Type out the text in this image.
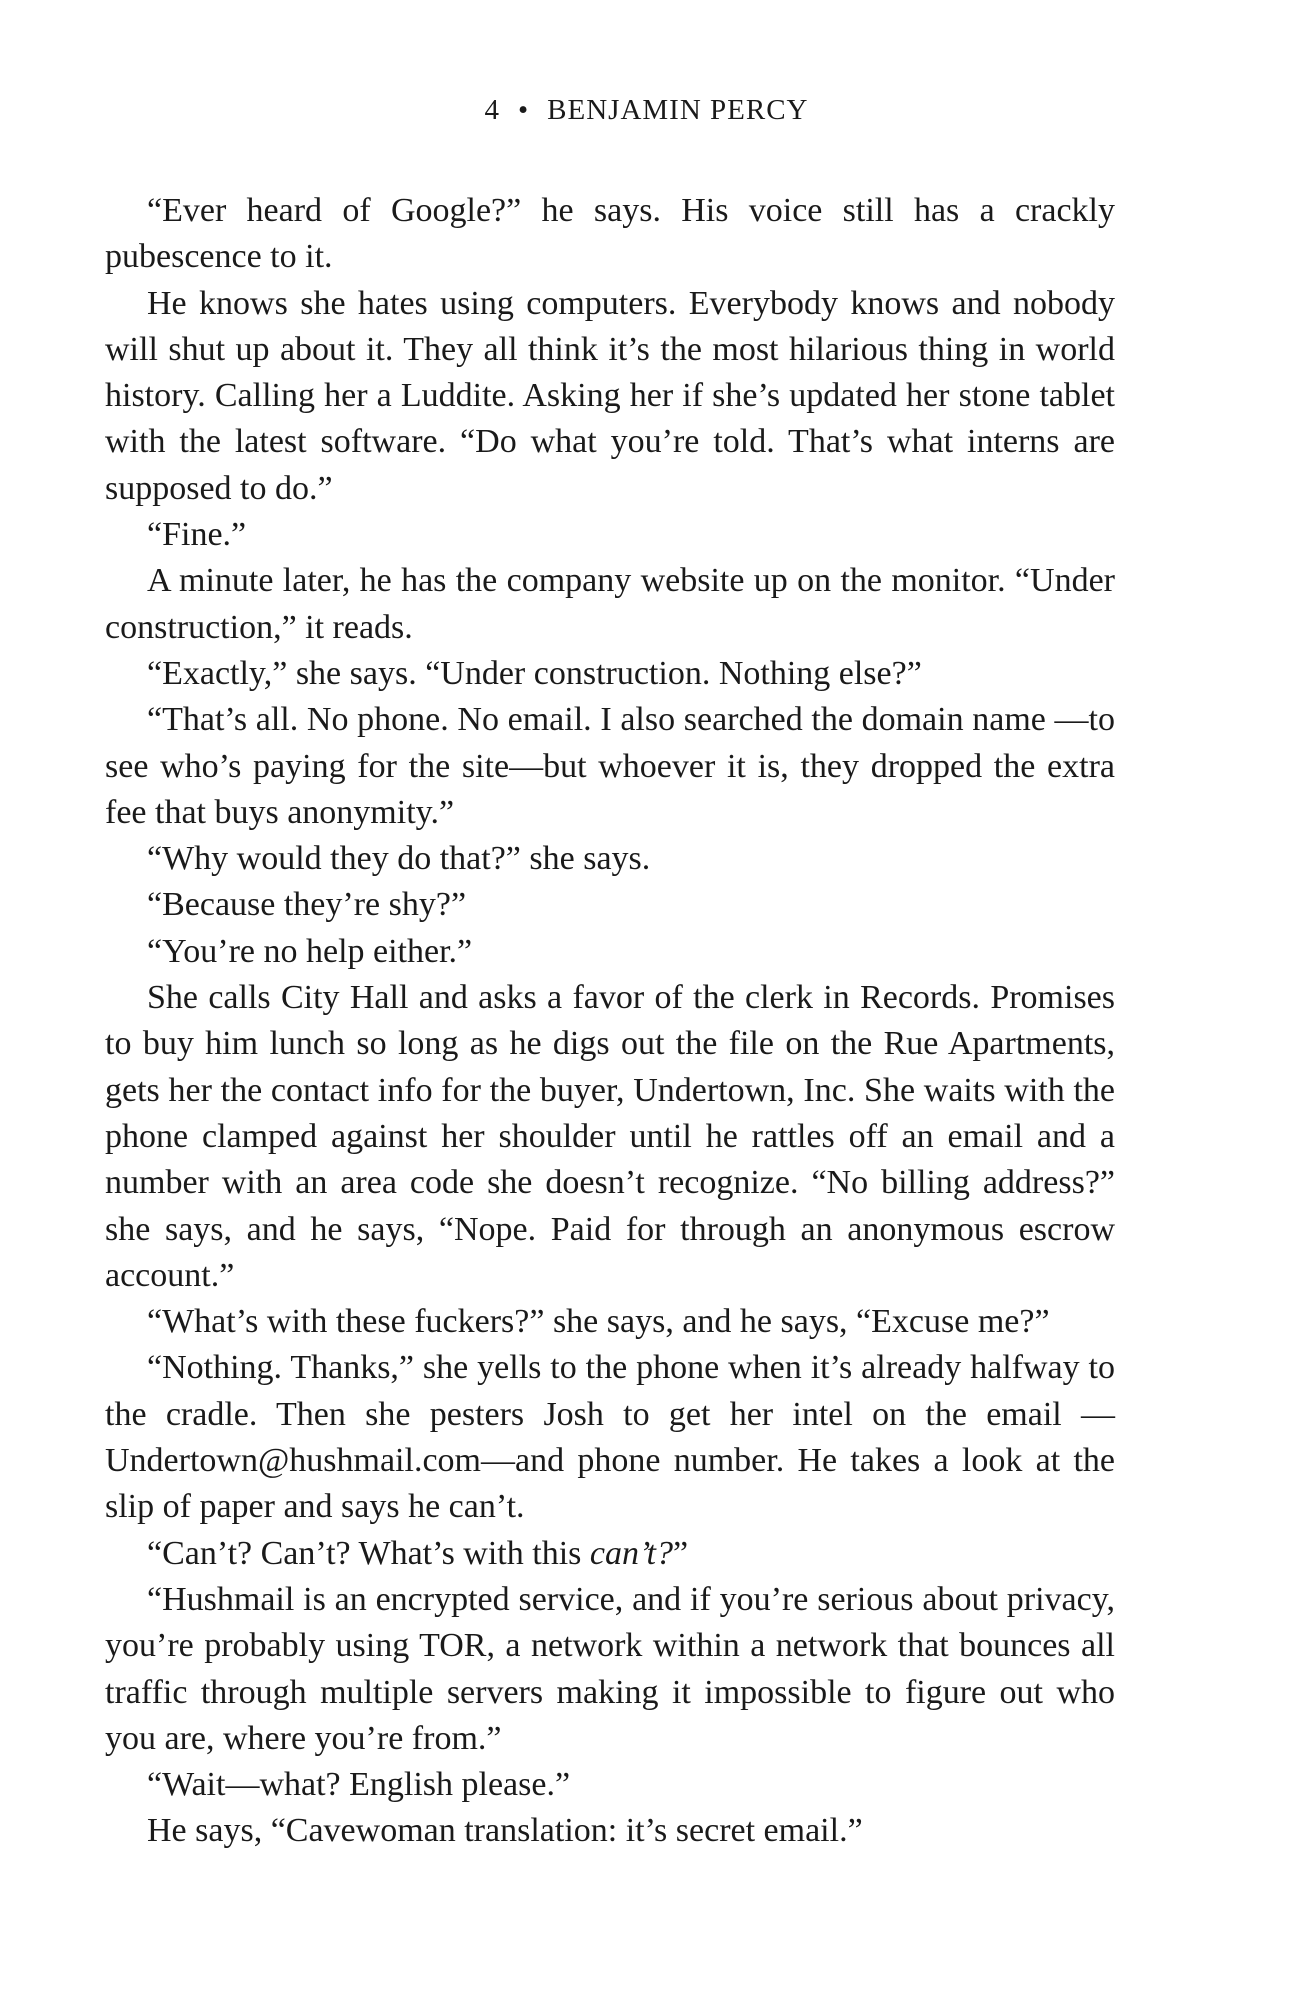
4 • BENJAMIN PERCY

“Ever heard of Google?” he says. His voice still has a crackly pubescence to it.

He knows she hates using computers. Everybody knows and nobody will shut up about it. They all think it’s the most hilarious thing in world history. Calling her a Luddite. Asking her if she’s updated her stone tablet with the latest software. “Do what you’re told. That’s what interns are supposed to do.”

“Fine.”

A minute later, he has the company website up on the monitor. “Under construction,” it reads.

“Exactly,” she says. “Under construction. Nothing else?”

“That’s all. No phone. No email. I also searched the domain name —to see who’s paying for the site—but whoever it is, they dropped the extra fee that buys anonymity.”

“Why would they do that?” she says.

“Because they’re shy?”

“You’re no help either.”

She calls City Hall and asks a favor of the clerk in Records. Promises to buy him lunch so long as he digs out the file on the Rue Apartments, gets her the contact info for the buyer, Undertown, Inc. She waits with the phone clamped against her shoulder until he rattles off an email and a number with an area code she doesn’t recognize. “No billing address?” she says, and he says, “Nope. Paid for through an anonymous escrow account.”

“What’s with these fuckers?” she says, and he says, “Excuse me?”

“Nothing. Thanks,” she yells to the phone when it’s already halfway to the cradle. Then she pesters Josh to get her intel on the email —Undertown@hushmail.com—and phone number. He takes a look at the slip of paper and says he can’t.

“Can’t? Can’t? What’s with this can’t?”

“Hushmail is an encrypted service, and if you’re serious about privacy, you’re probably using TOR, a network within a network that bounces all traffic through multiple servers making it impossible to figure out who you are, where you’re from.”

“Wait—what? English please.”

He says, “Cavewoman translation: it’s secret email.”
